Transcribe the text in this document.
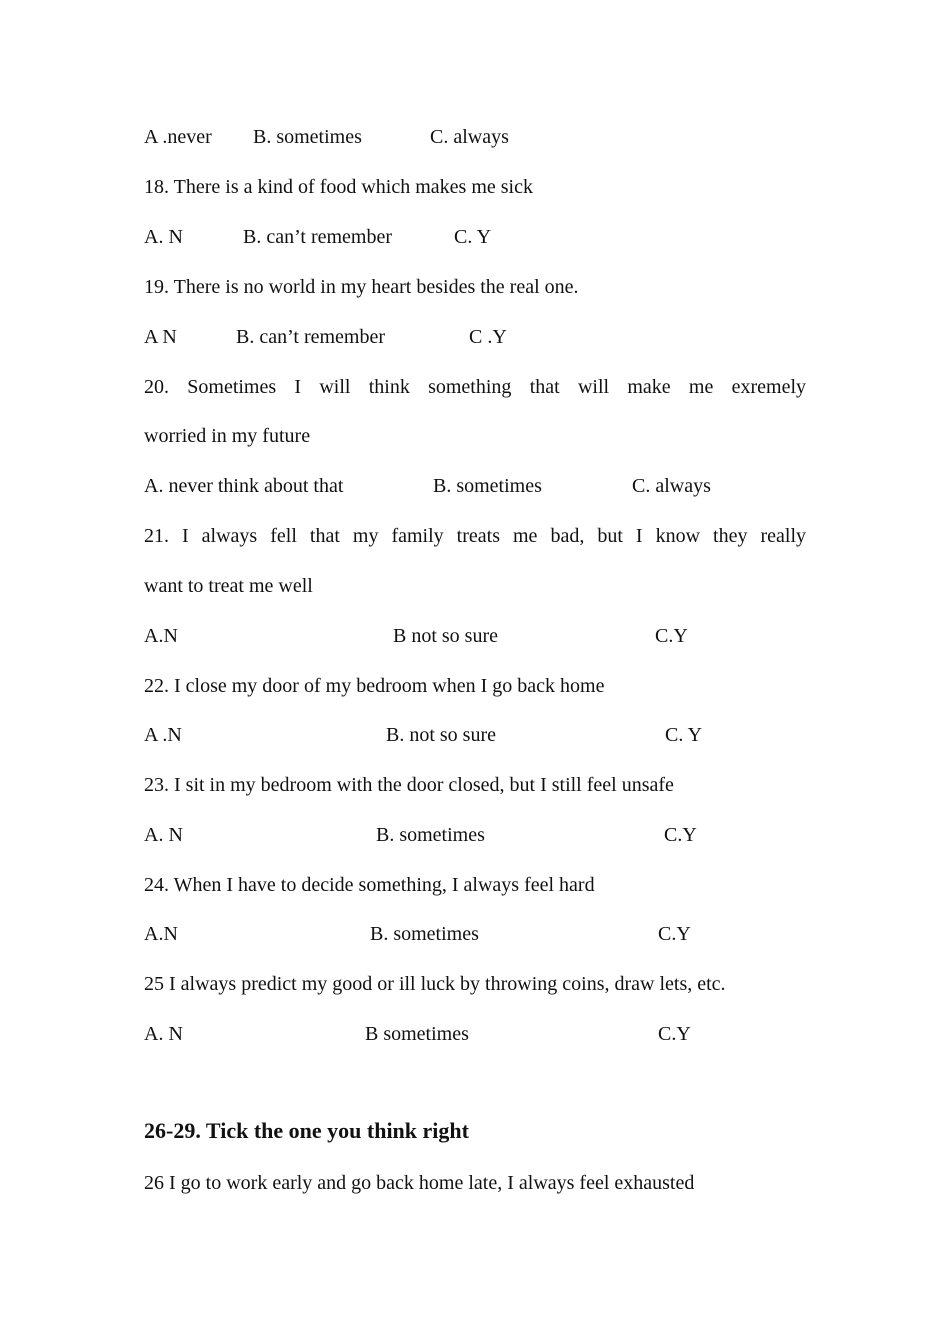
A .never B. sometimes	C. always
18. There is a kind of food which makes me sick
A. N	B. can’t remember	C. Y
19. There is no world in my heart besides the real one.
A N	B. can’t remember	C .Y
20. Sometimes I will think something that will make me exremely
worried in my future
A. never think about that	B. sometimes	C. always
21. I always fell that my family treats me bad, but I know they really
want to treat me well
A.N	B not so sure	C.Y
22. I close my door of my bedroom when I go back home
A .N	B. not so sure	C. Y
23. I sit in my bedroom with the door closed, but I still feel unsafe
A. N	B. sometimes	C.Y
24. When I have to decide something, I always feel hard
A.N	B. sometimes	C.Y
25 I always predict my good or ill luck by throwing coins, draw lets, etc.
A. N	B sometimes	C.Y
26-29. Tick the one you think right
26 I go to work early and go back home late, I always feel exhausted
